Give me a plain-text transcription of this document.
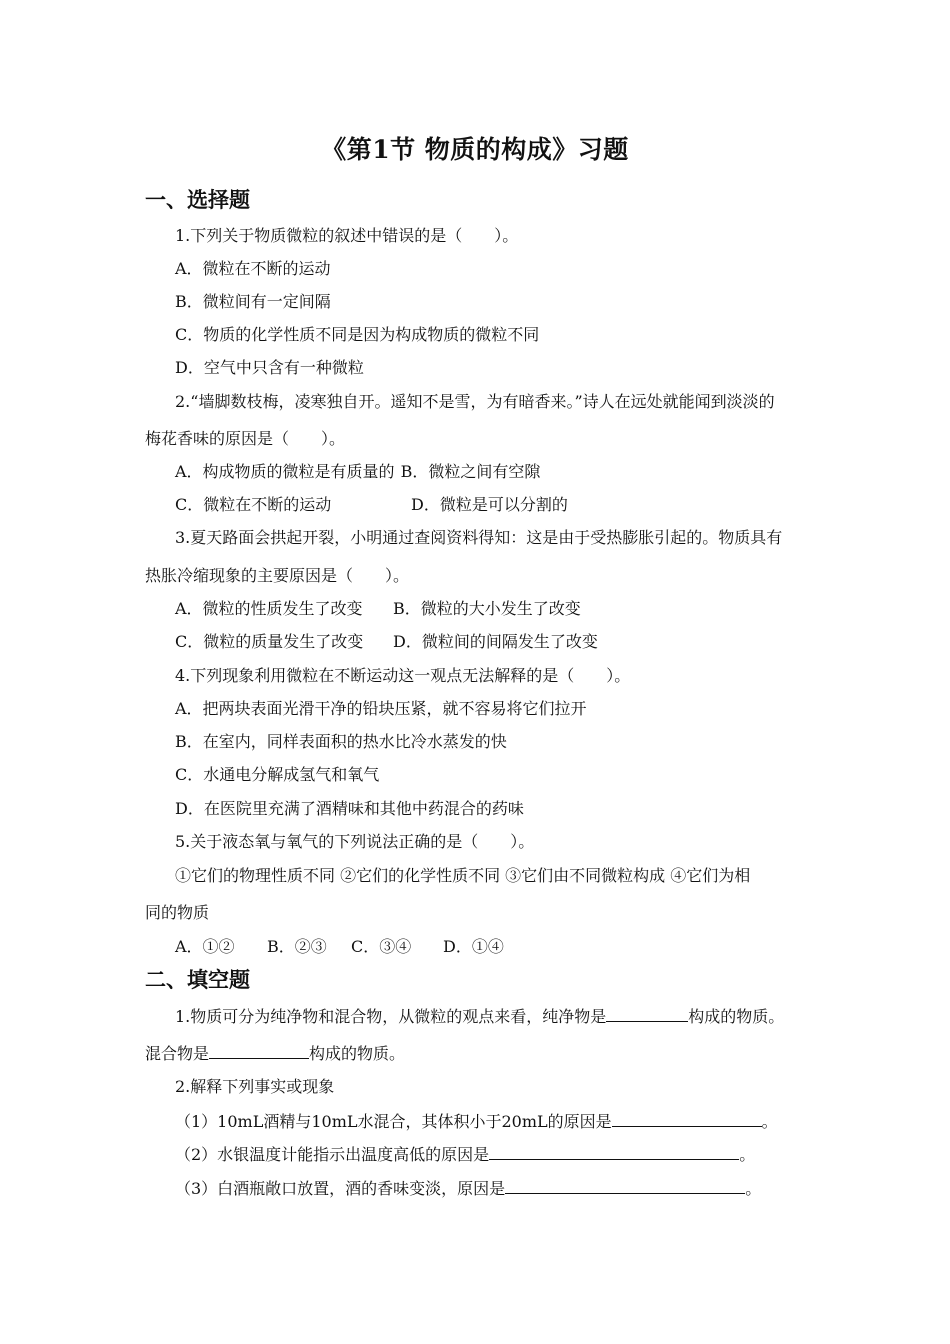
《第1节 物质的构成》习题
一、选择题
1.下列关于物质微粒的叙述中错误的是（　　）。
A．微粒在不断的运动
B．微粒间有一定间隔
C．物质的化学性质不同是因为构成物质的微粒不同
D．空气中只含有一种微粒
2.“墙脚数枝梅，凌寒独自开。遥知不是雪，为有暗香来。”诗人在远处就能闻到淡淡的
梅花香味的原因是（　　）。
A．构成物质的微粒是有质量的 B．微粒之间有空隙
C．微粒在不断的运动	D．微粒是可以分割的
3.夏天路面会拱起开裂，小明通过查阅资料得知：这是由于受热膨胀引起的。物质具有
热胀冷缩现象的主要原因是（　　）。
A．微粒的性质发生了改变 B．微粒的大小发生了改变
C．微粒的质量发生了改变 D．微粒间的间隔发生了改变
4.下列现象利用微粒在不断运动这一观点无法解释的是（　　）。
A．把两块表面光滑干净的铅块压紧，就不容易将它们拉开
B．在室内，同样表面积的热水比冷水蒸发的快
C．水通电分解成氢气和氧气
D．在医院里充满了酒精味和其他中药混合的药味
5.关于液态氧与氧气的下列说法正确的是（　　）。
①它们的物理性质不同 ②它们的化学性质不同 ③它们由不同微粒构成 ④它们为相
同的物质
A．①② B．②③ C．③④ D．①④
二、填空题
1.物质可分为纯净物和混合物，从微粒的观点来看，纯净物是	构成的物质。
混合物是	构成的物质。
2.解释下列事实或现象
（1）10mL酒精与10mL水混合，其体积小于20mL的原因是	。
（2）水银温度计能指示出温度高低的原因是	。
（3）白酒瓶敞口放置，酒的香味变淡，原因是	。
